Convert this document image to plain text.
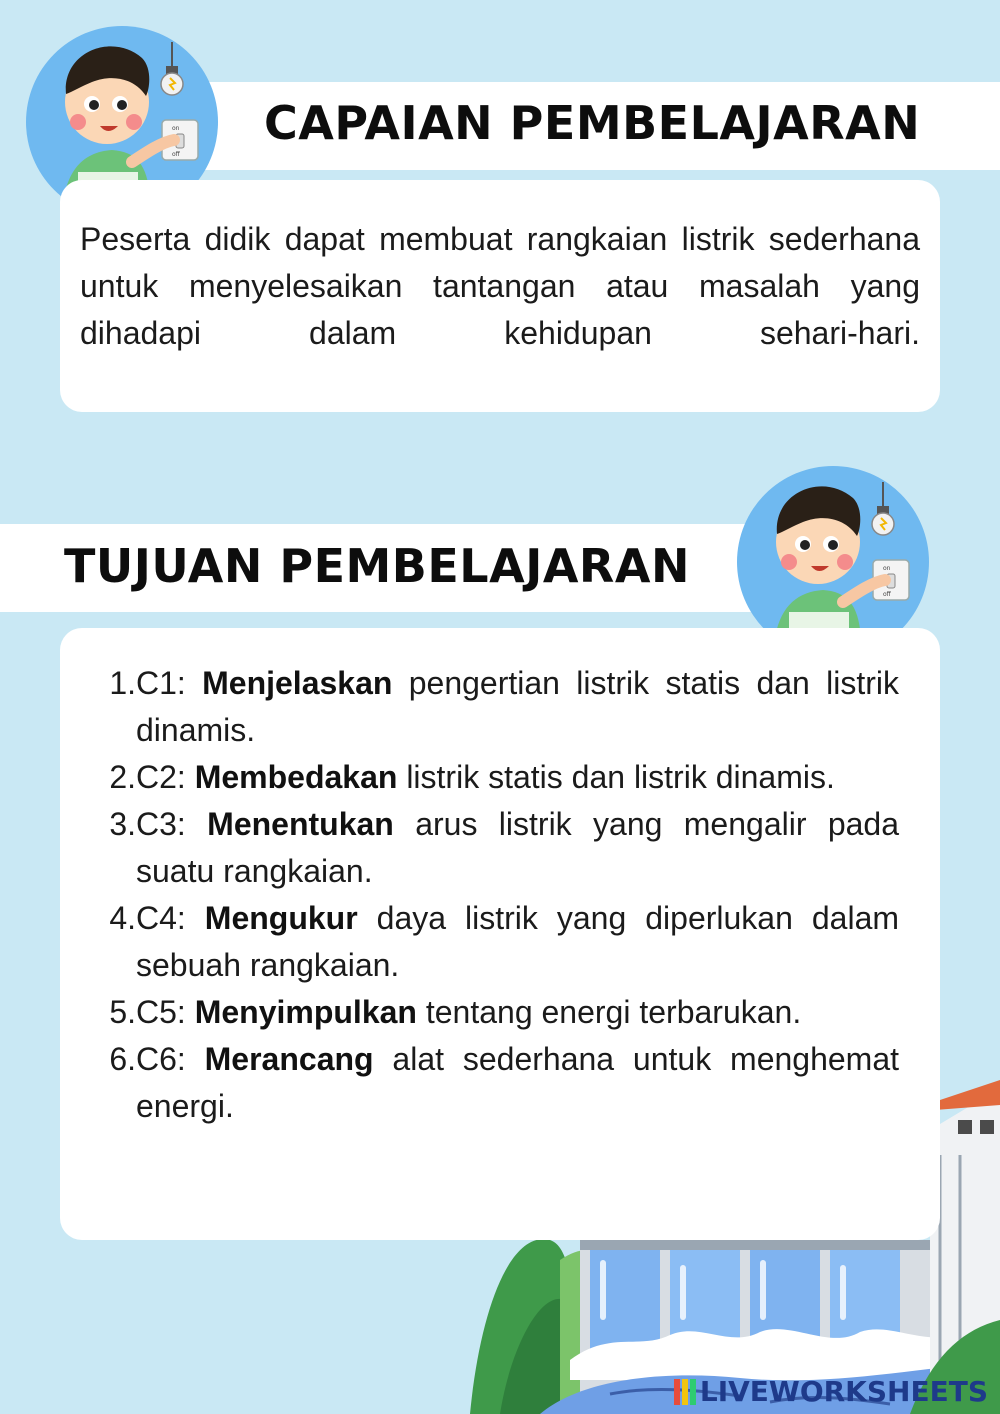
CAPAIAN PEMBELAJARAN
on
off
Peserta didik dapat membuat rangkaian listrik sederhana untuk menyelesaikan tantangan atau masalah yang dihadapi dalam kehidupan sehari-hari.
TUJUAN PEMBELAJARAN	on
off
1. C1: Menjelaskan pengertian listrik statis dan listrik dinamis.
2. C2: Membedakan listrik statis dan listrik dinamis.
3. C3: Menentukan arus listrik yang mengalir pada suatu rangkaian.
4. C4: Mengukur daya listrik yang diperlukan dalam sebuah rangkaian.
5. C5: Menyimpulkan tentang energi terbarukan.
6. C6: Merancang alat sederhana untuk menghemat energi.
LIVEWORKSHEETS
